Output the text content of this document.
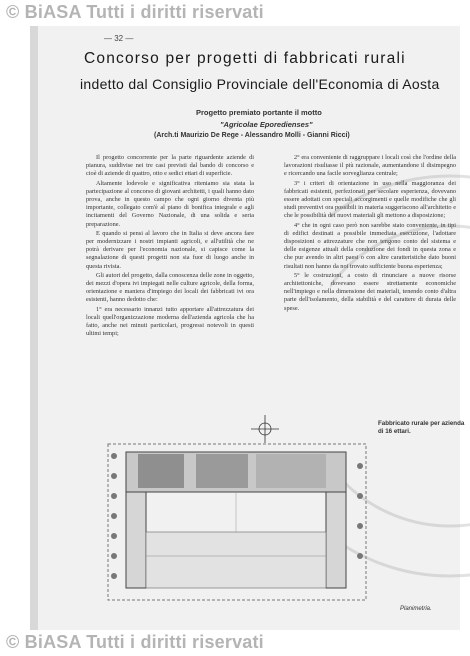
© BiASA Tutti i diritti riservati
— 32 —
Concorso per progetti di fabbricati rurali
indetto dal Consiglio Provinciale dell'Economia di Aosta
Progetto premiato portante il motto
"Agricolae Eporedienses"
(Arch.ti Maurizio De Rege - Alessandro Molli - Gianni Ricci)

Il progetto concorrente per la parte riguardente aziende di pianura, suddivise nei tre casi previsti dal bando di concorso e cioè di aziende di quattro, otto e sedici ettari di superficie.

Altamente lodevole e significativa riteniamo sia stata la partecipazione al concorso di giovani architetti, i quali hanno dato prova, anche in questo campo che ogni giorno diventa più importante, collegato com'è al piano di bonifica integrale e agli incitamenti del Governo Nazionale, di una solida e seria preparazione.

E quando si pensi al lavoro che in Italia si deve ancora fare per modernizzare i nostri impianti agricoli, e all'utilità che ne potrà derivare per l'economia nazionale, si capisce come la segnalazione di questi progetti non sia fuor di luogo anche in questa rivista.

Gli autori del progetto, dalla conoscenza delle zone in oggetto, dei mezzi d'opera ivi impiegati nelle culture agricole, della forma, orientazione e maniera d'impiego dei locali dei fabbricati ivi ora esistenti, hanno dedotto che:

1° era necessario innanzi tutto apportare all'attrezzatura dei locali quell'organizzazione moderna dell'azienda agricola che ha fatto, anche nei minuti particolari, progressi notevoli in questi ultimi tempi;

2° era conveniente di raggruppare i locali così che l'ordine della lavorazioni risultasse il più razionale, aumentandone il disimpegno e ricercando una facile sorveglianza centrale;

3° i criteri di orientazione in uso nella maggioranza dei fabbricati esistenti, perfezionati per secolare esperienza, dovevano essere adottati con speciali accorgimenti e quelle modifiche che gli studi preventivi ora possibili in materia suggeriscono all'architetto e che le possibilità dei nuovi materiali gli mettono a disposizione;

4° che in ogni caso però non sarebbe stato conveniente, in tipi di edifici destinati a possibile immediata esecuzione, l'adottare disposizioni o attrezzature che non tengono conto del sistema e delle esigenze attuali della conduzione dei fondi in questa zona e che pur avendo in altri paesi o con altre caratteristiche dato buoni risultati non hanno da noi trovato sufficiente buona esperienza;

5° le costruzioni, a costo di rinunciare a nuove risorse architettoniche, dovevano essere strettamente economiche nell'impiego e nella dimensione dei materiali, tenendo conto d'altra parte dell'isolamento, della stabilità e del carattere di durata delle spese.

Fabbricato rurale per azienda di 16 ettari.
Planimetria.
© BiASA Tutti i diritti riservati
